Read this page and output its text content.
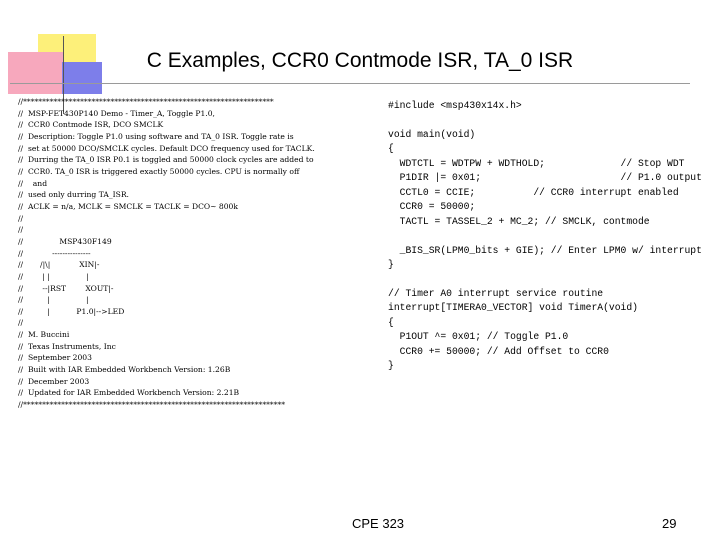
C Examples, CCR0 Contmode ISR, TA_0 ISR
//******************************************************************
//  MSP-FET430P140 Demo - Timer_A, Toggle P1.0,
//  CCR0 Contmode ISR, DCO SMCLK
//  Description: Toggle P1.0 using software and TA_0 ISR. Toggle rate is
//  set at 50000 DCO/SMCLK cycles. Default DCO frequency used for TACLK.
//  Durring the TA_0 ISR P0.1 is toggled and 50000 clock cycles are added to
//  CCR0. TA_0 ISR is triggered exactly 50000 cycles. CPU is normally off
//    and
//  used only durring TA_ISR.
//  ACLK = n/a, MCLK = SMCLK = TACLK = DCO~ 800k
//
//
//               MSP430F149
//            ---------------
//       /|\|            XIN|-
//        | |               |
//        --|RST        XOUT|-
//          |               |
//          |           P1.0|-->LED
//
//  M. Buccini
//  Texas Instruments, Inc
//  September 2003
//  Built with IAR Embedded Workbench Version: 1.26B
//  December 2003
//  Updated for IAR Embedded Workbench Version: 2.21B
//*********************************************************************
#include <msp430x14x.h>

void main(void)
{
WDTCTL = WDTPW + WDTHOLD;             // Stop WDT
P1DIR |= 0x01;                        // P1.0 output
CCTL0 = CCIE;          // CCR0 interrupt enabled
CCR0 = 50000;
TACTL = TASSEL_2 + MC_2; // SMCLK, contmode

_BIS_SR(LPM0_bits + GIE); // Enter LPM0 w/ interrupt
}

// Timer A0 interrupt service routine
interrupt[TIMERA0_VECTOR] void TimerA(void)
{
P1OUT ^= 0x01; // Toggle P1.0
CCR0 += 50000; // Add Offset to CCR0
}
CPE 323	29
